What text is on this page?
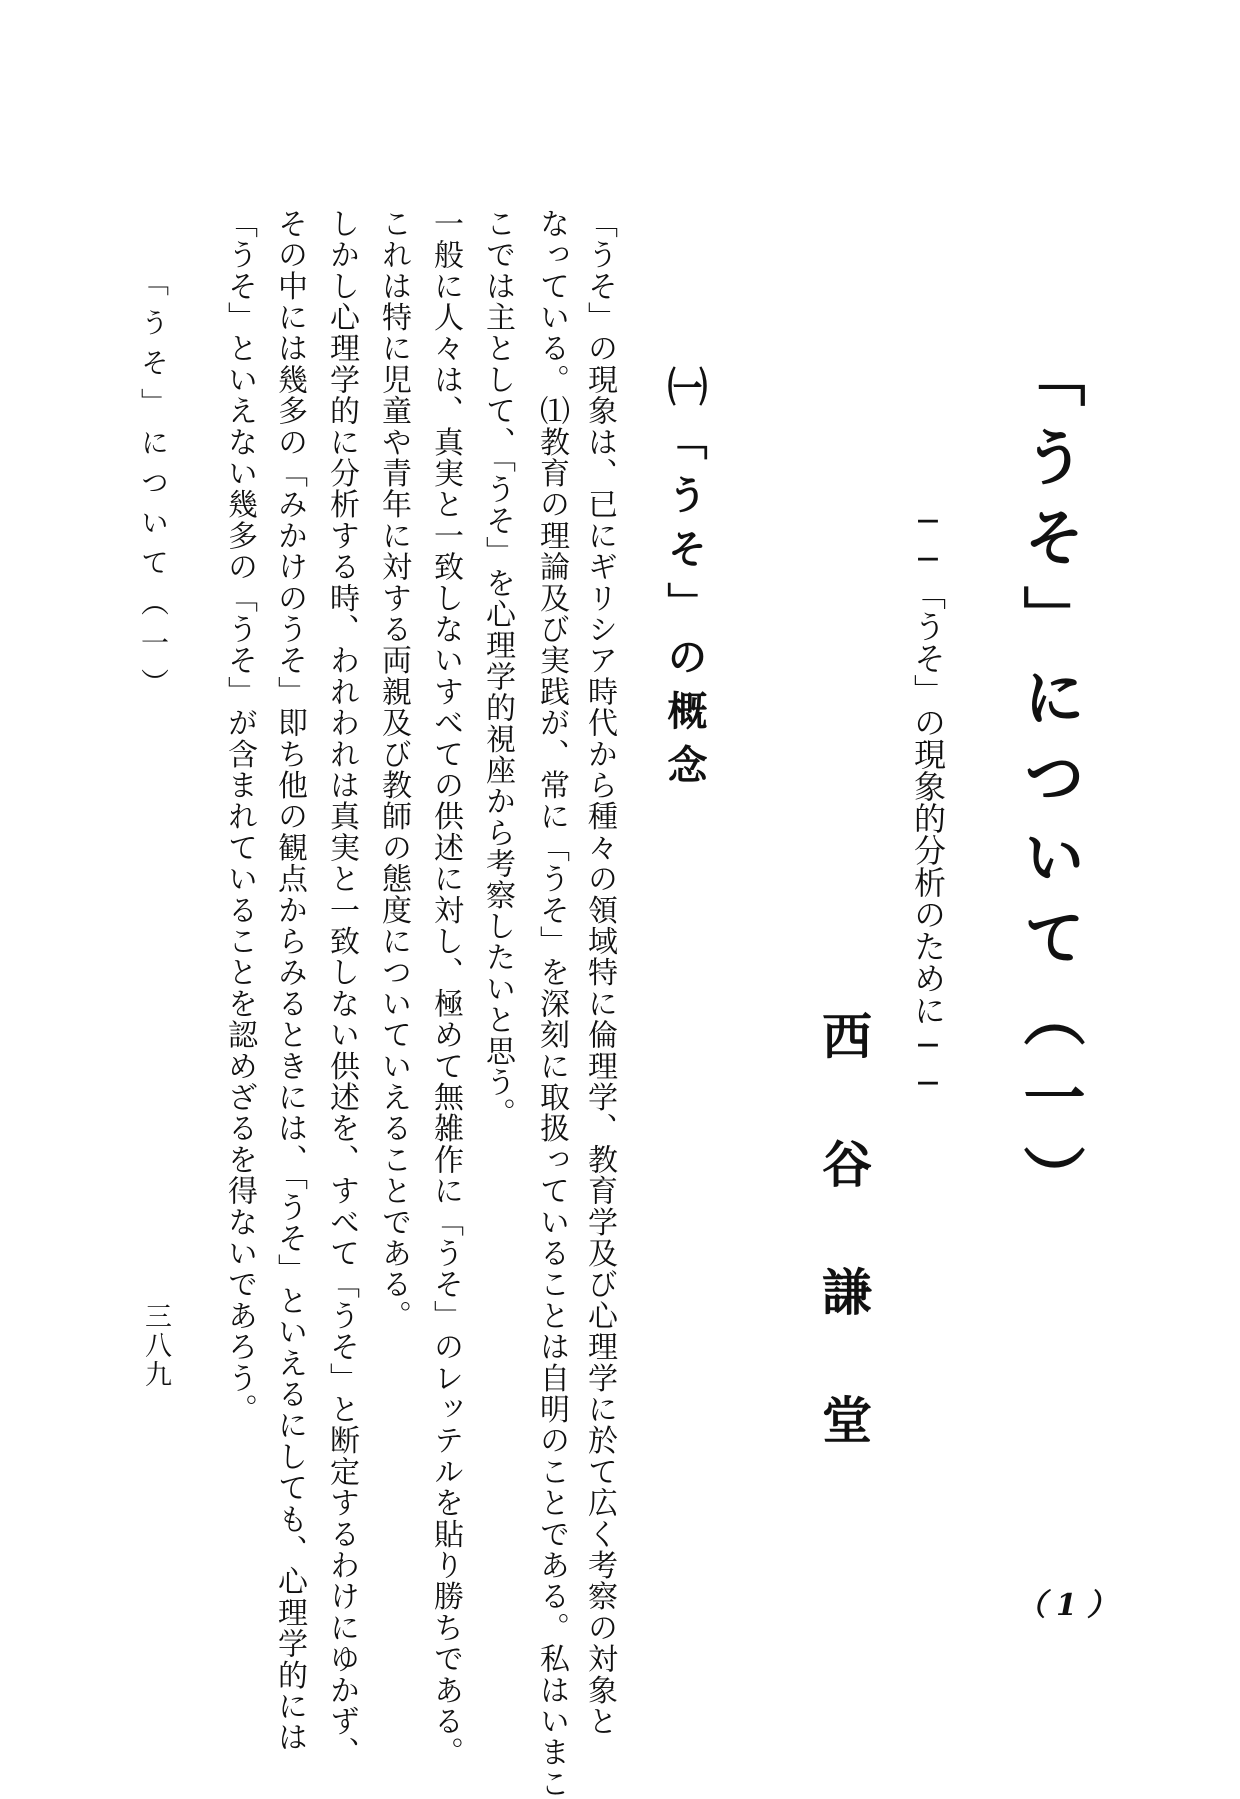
「うそ」について（一）
──「うそ」の現象的分析のために──
西谷謙堂
㈠「うそ」の概念
「うそ」の現象は、已にギリシア時代から種々の領域特に倫理学、教育学及び心理学に於て広く考察の対象と
なっている。⑴教育の理論及び実践が、常に「うそ」を深刻に取扱っていることは自明のことである。私はいまこ
こでは主として、「うそ」を心理学的視座から考察したいと思う。
一般に人々は、真実と一致しないすべての供述に対し、極めて無雑作に「うそ」のレッテルを貼り勝ちである。
これは特に児童や青年に対する両親及び教師の態度についていえることである。
しかし心理学的に分析する時、われわれは真実と一致しない供述を、すべて「うそ」と断定するわけにゆかず、
その中には幾多の「みかけのうそ」即ち他の観点からみるときには、「うそ」といえるにしても、心理学的には
「うそ」といえない幾多の「うそ」が含まれていることを認めざるを得ないであろう。
「うそ」について（一）
三八九
（1）
